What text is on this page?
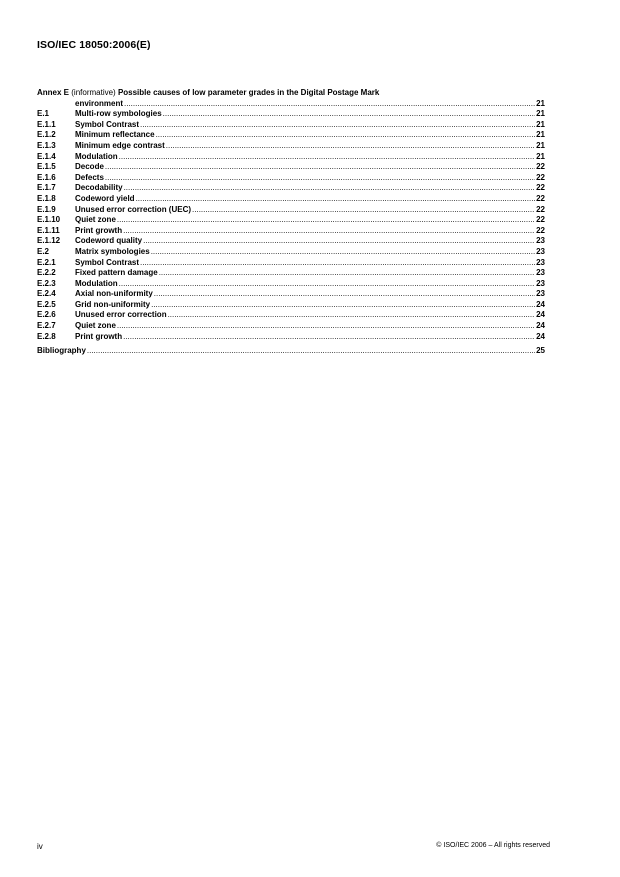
ISO/IEC 18050:2006(E)
Annex E (informative) Possible causes of low parameter grades in the Digital Postage Mark
environment .....	21
E.1	Multi-row symbologies .....	21
E.1.1	Symbol Contrast .....	21
E.1.2	Minimum reflectance .....	21
E.1.3	Minimum edge contrast .....	21
E.1.4	Modulation .....	21
E.1.5	Decode .....	22
E.1.6	Defects .....	22
E.1.7	Decodability .....	22
E.1.8	Codeword yield .....	22
E.1.9	Unused error correction (UEC) .....	22
E.1.10	Quiet zone .....	22
E.1.11	Print growth .....	22
E.1.12	Codeword quality .....	23
E.2	Matrix symbologies .....	23
E.2.1	Symbol Contrast .....	23
E.2.2	Fixed pattern damage .....	23
E.2.3	Modulation .....	23
E.2.4	Axial non-uniformity .....	23
E.2.5	Grid non-uniformity .....	24
E.2.6	Unused error correction .....	24
E.2.7	Quiet zone .....	24
E.2.8	Print growth .....	24
Bibliography .....	25
iv	© ISO/IEC 2006 – All rights reserved
